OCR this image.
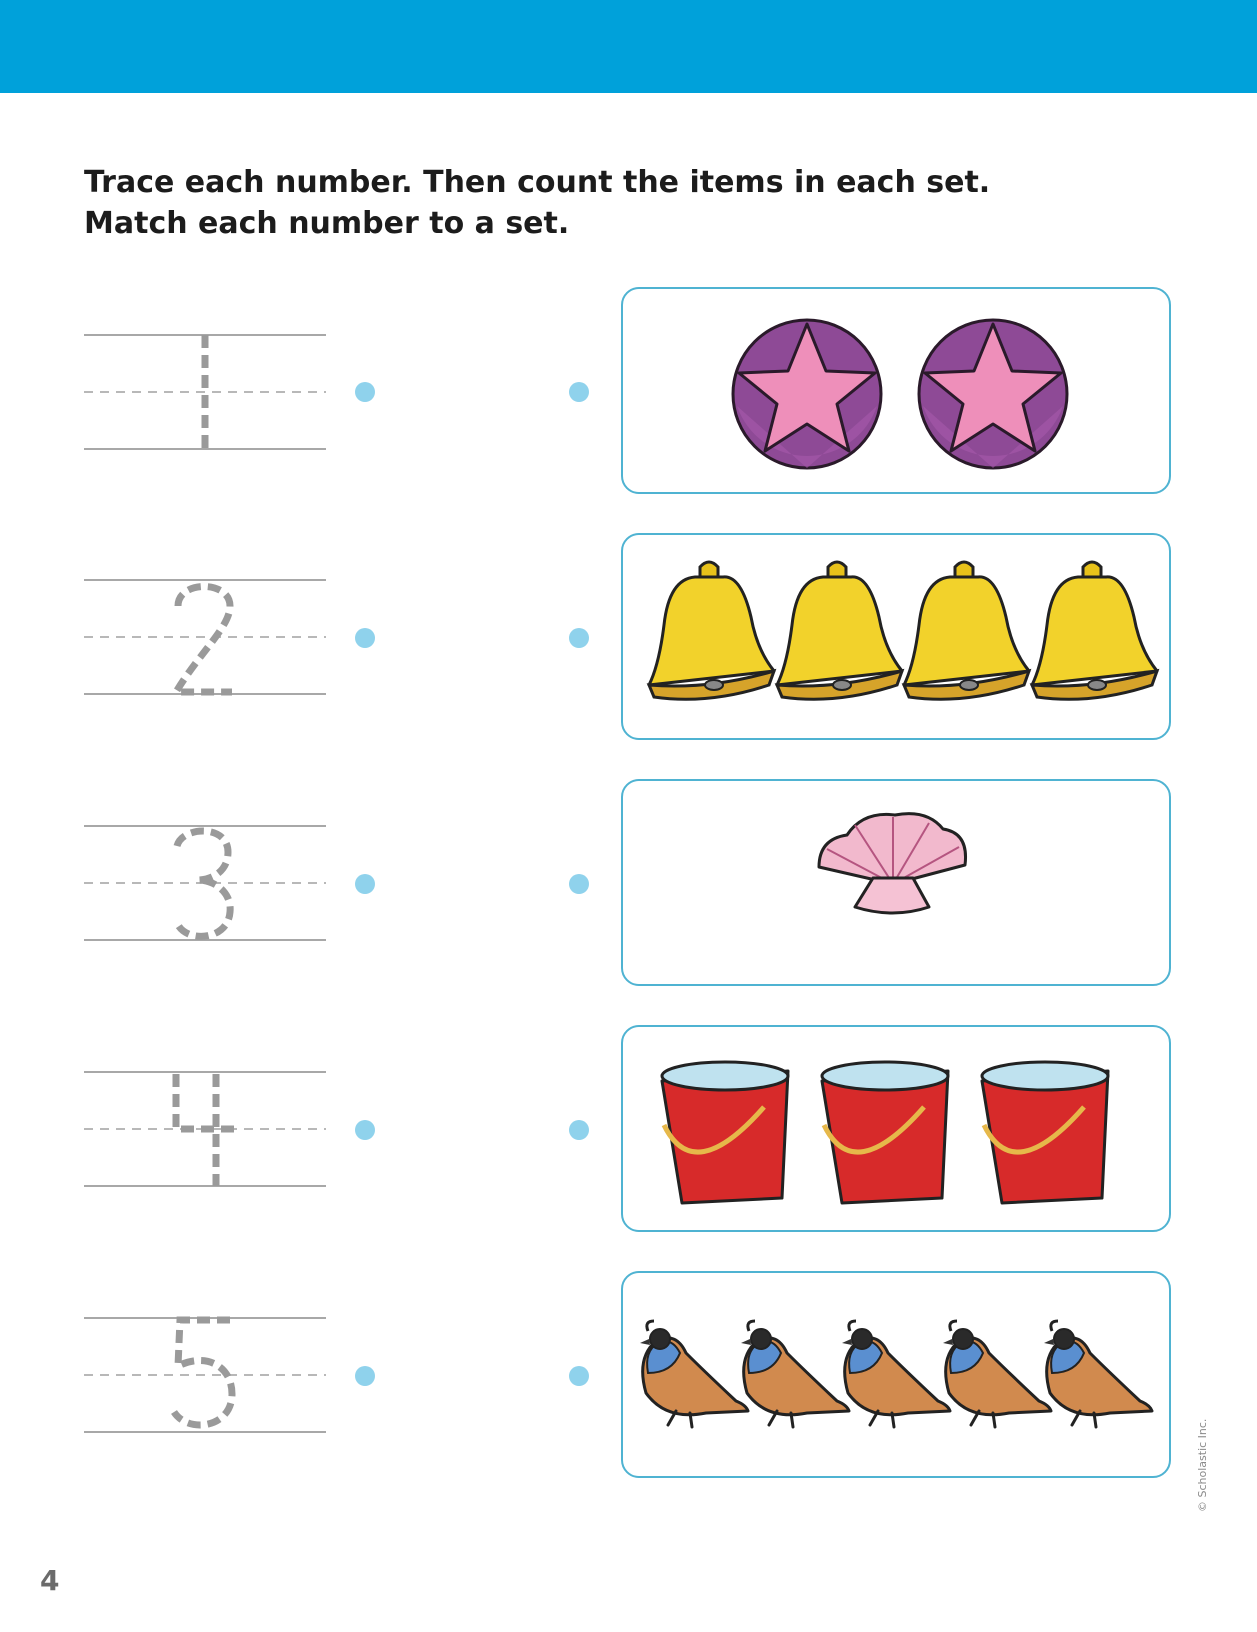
Trace each number. Then count the items in each set.
Match each number to a set.
© Scholastic Inc.
4
